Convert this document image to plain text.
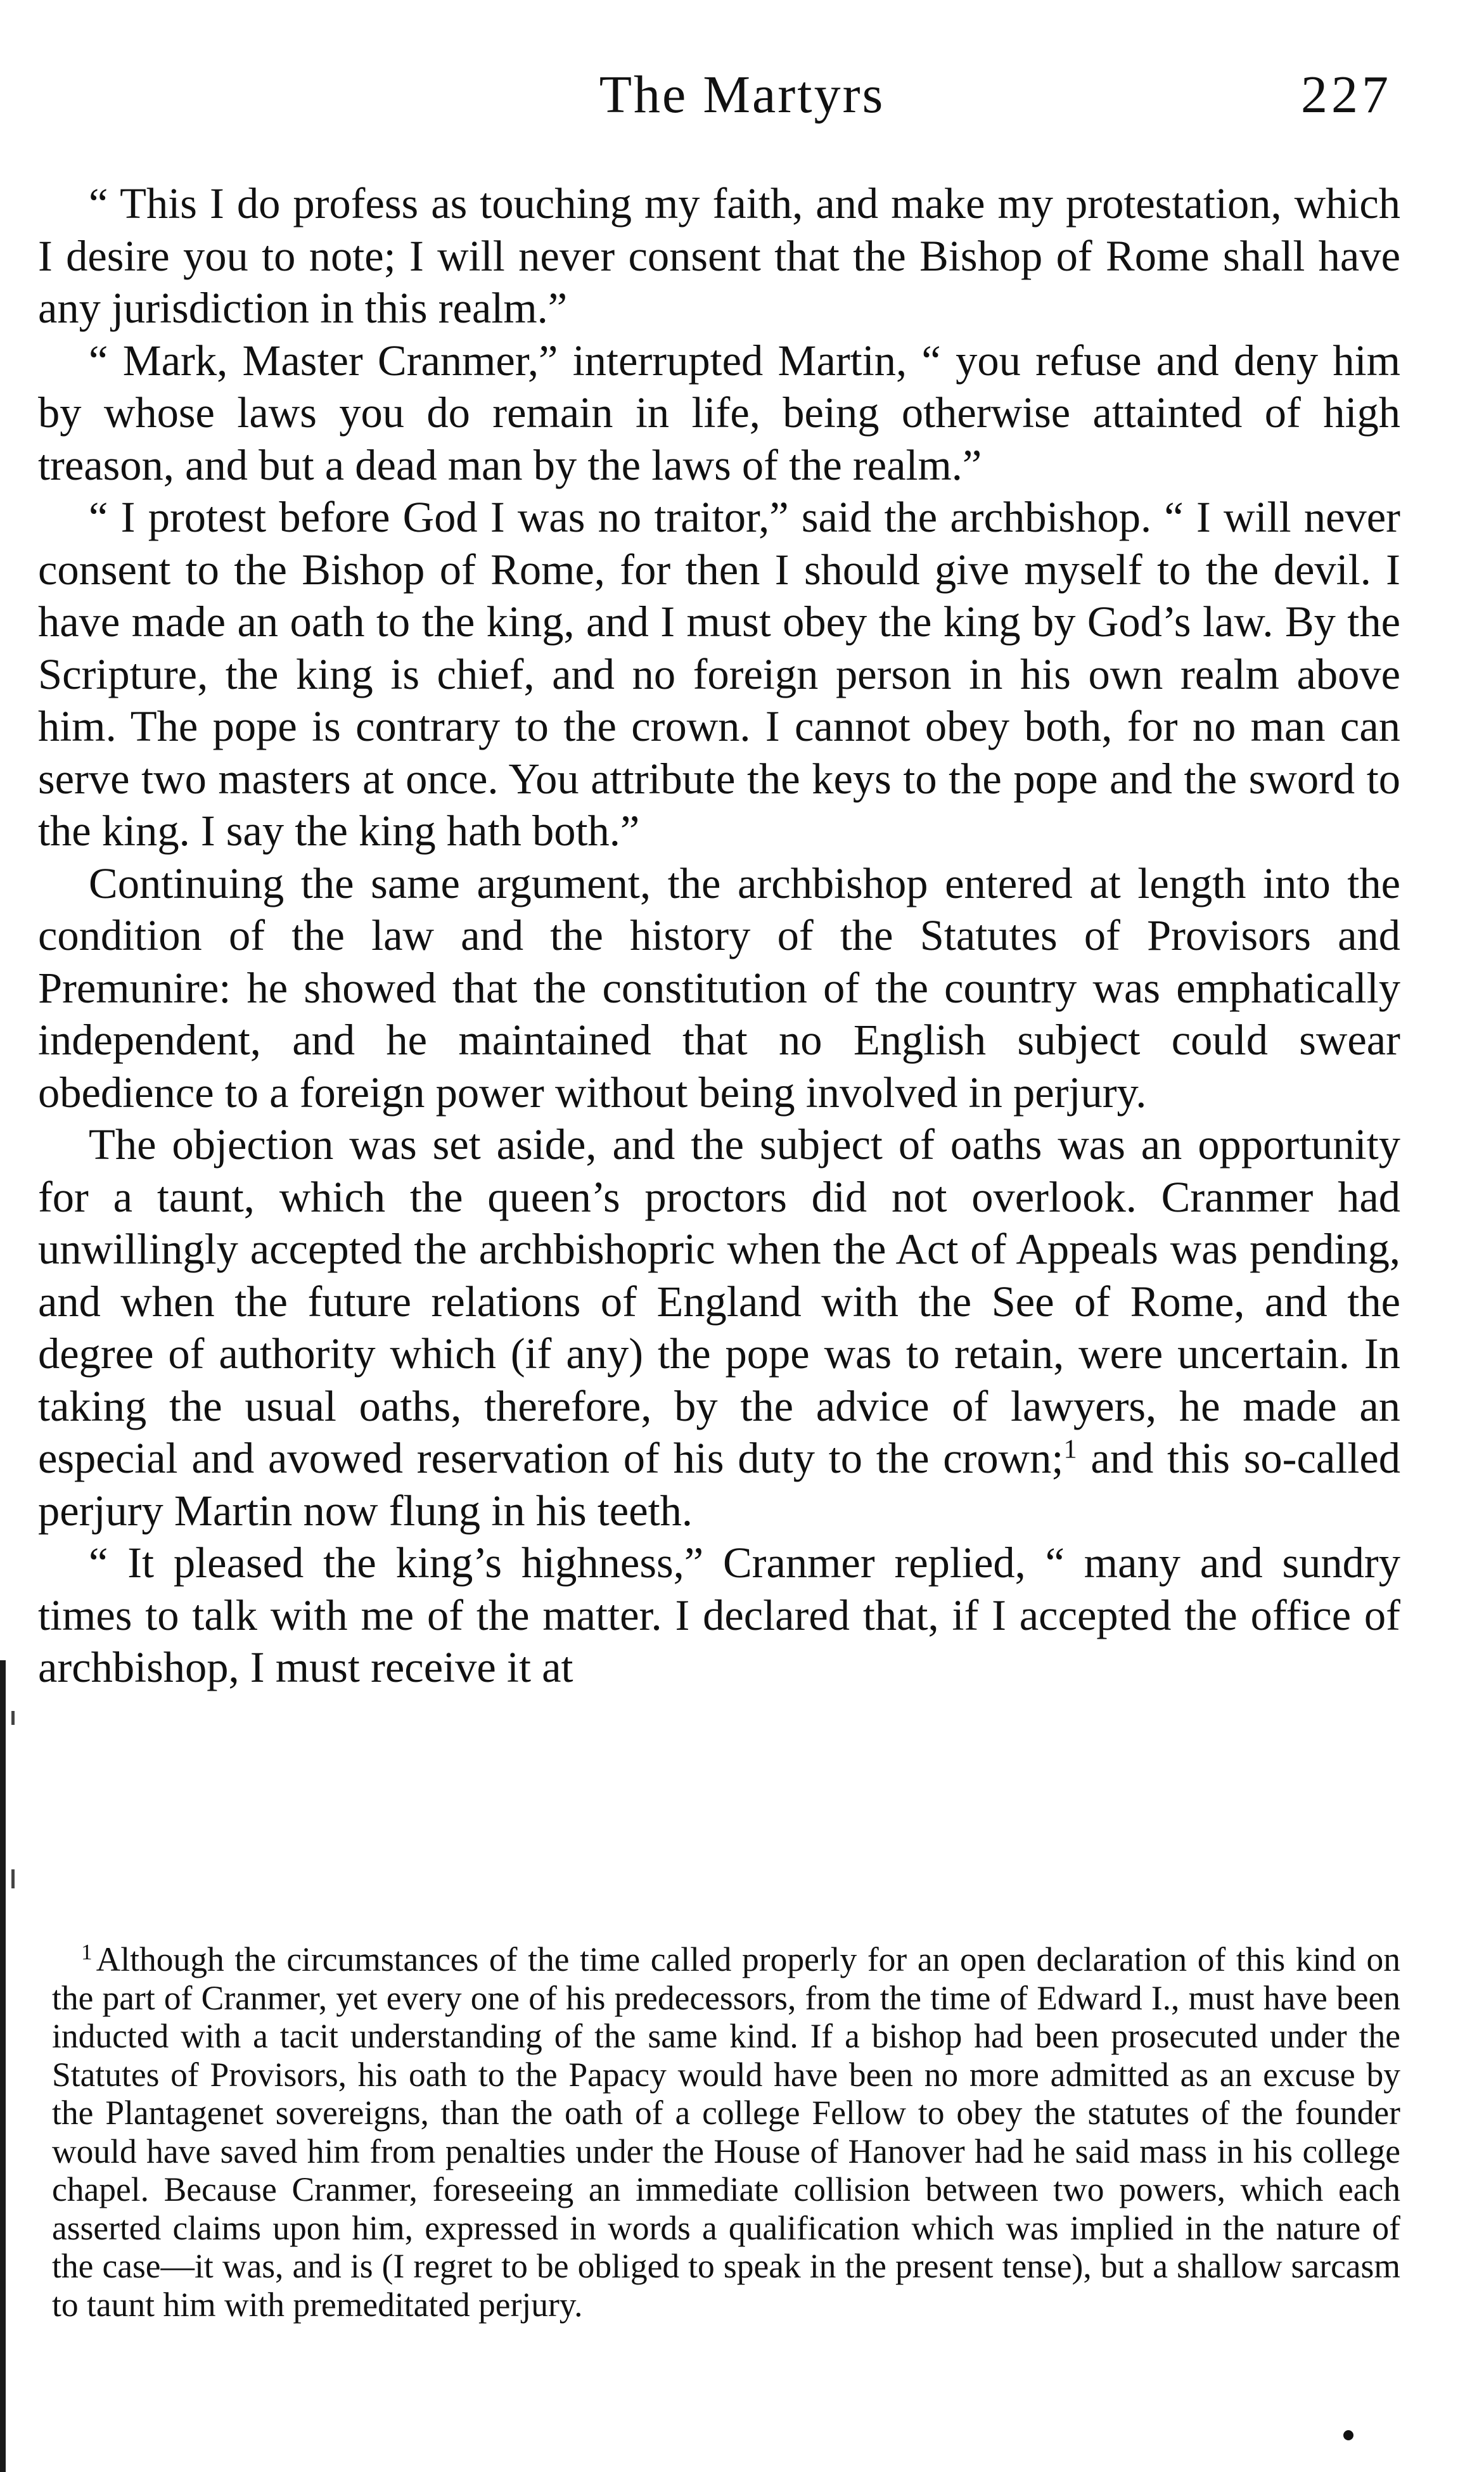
The Martyrs	227

“ This I do profess as touching my faith, and make my protestation, which I desire you to note; I will never consent that the Bishop of Rome shall have any jurisdiction in this realm.”

“ Mark, Master Cranmer,” interrupted Martin, “ you refuse and deny him by whose laws you do remain in life, being otherwise attainted of high treason, and but a dead man by the laws of the realm.”

“ I protest before God I was no traitor,” said the archbishop. “ I will never consent to the Bishop of Rome, for then I should give myself to the devil. I have made an oath to the king, and I must obey the king by God’s law. By the Scripture, the king is chief, and no foreign person in his own realm above him. The pope is contrary to the crown. I cannot obey both, for no man can serve two masters at once. You attribute the keys to the pope and the sword to the king. I say the king hath both.”

Continuing the same argument, the archbishop entered at length into the condition of the law and the history of the Statutes of Provisors and Premunire: he showed that the constitution of the country was emphatically independent, and he maintained that no English subject could swear obedience to a foreign power without being involved in perjury.

The objection was set aside, and the subject of oaths was an opportunity for a taunt, which the queen’s proctors did not overlook. Cranmer had unwillingly accepted the archbishopric when the Act of Appeals was pending, and when the future relations of England with the See of Rome, and the degree of authority which (if any) the pope was to retain, were uncertain. In taking the usual oaths, therefore, by the advice of lawyers, he made an especial and avowed reservation of his duty to the crown;$^1$ and this so-called perjury Martin now flung in his teeth.

“ It pleased the king’s highness,” Cranmer replied, “ many and sundry times to talk with me of the matter. I declared that, if I accepted the office of archbishop, I must receive it at

$^1$ Although the circumstances of the time called properly for an open declaration of this kind on the part of Cranmer, yet every one of his predecessors, from the time of Edward I., must have been inducted with a tacit understanding of the same kind. If a bishop had been prosecuted under the Statutes of Provisors, his oath to the Papacy would have been no more admitted as an excuse by the Plantagenet sovereigns, than the oath of a college Fellow to obey the statutes of the founder would have saved him from penalties under the House of Hanover had he said mass in his college chapel. Because Cranmer, foreseeing an immediate collision between two powers, which each asserted claims upon him, expressed in words a qualification which was implied in the nature of the case—it was, and is (I regret to be obliged to speak in the present tense), but a shallow sarcasm to taunt him with premeditated perjury.
